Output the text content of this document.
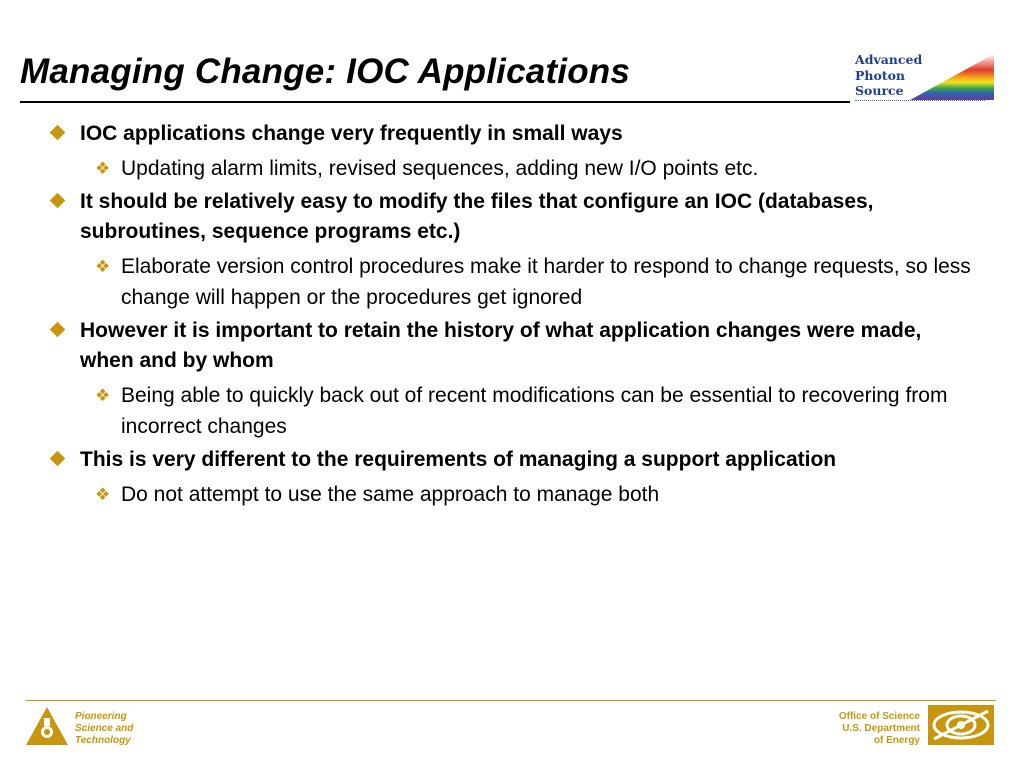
Managing Change: IOC Applications	Advanced
Photon
Source
IOC applications change very frequently in small ways
❖ Updating alarm limits, revised sequences, adding new I/O points etc.
It should be relatively easy to modify the files that configure an IOC (databases, subroutines, sequence programs etc.)
❖ Elaborate version control procedures make it harder to respond to change requests, so less change will happen or the procedures get ignored
However it is important to retain the history of what application changes were made, when and by whom
❖ Being able to quickly back out of recent modifications can be essential to recovering from incorrect changes
This is very different to the requirements of managing a support application
❖ Do not attempt to use the same approach to manage both
Pioneering
Science and
Technology
Office of Science
U.S. Department
of Energy
